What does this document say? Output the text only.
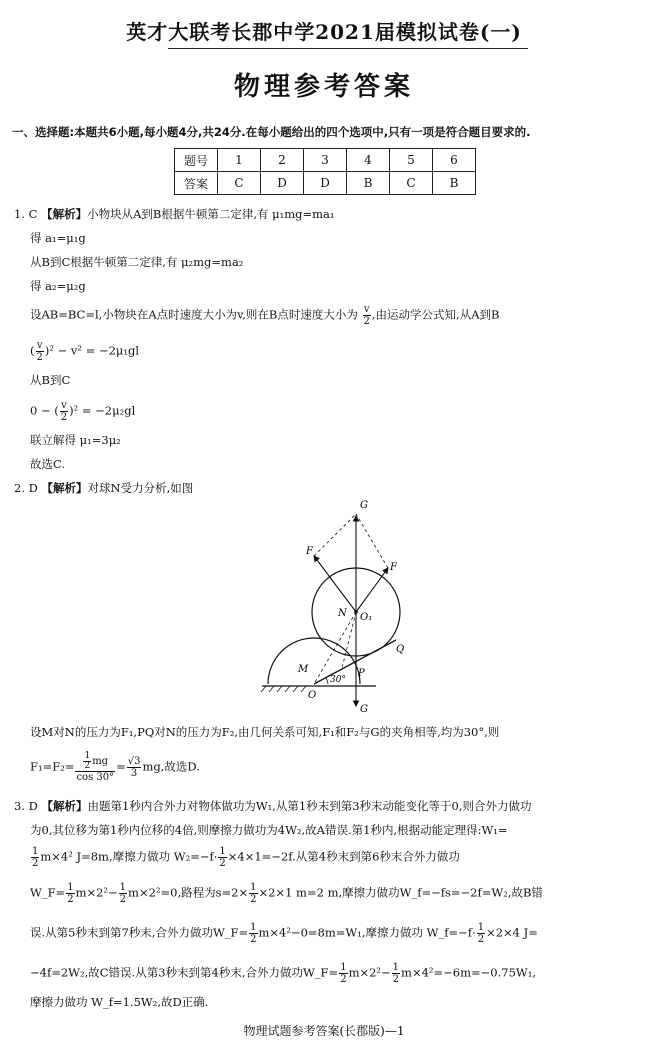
英才大联考长郡中学2021届模拟试卷(一)
物理参考答案
一、选择题:本题共6小题,每小题4分,共24分.在每小题给出的四个选项中,只有一项是符合题目要求的.
题号	1	2	3	4	5	6
答案	C	D	D	B	C	B
1. C 【解析】小物块从A到B根据牛顿第二定律,有 μ₁mg=ma₁
得 a₁=μ₁g
从B到C根据牛顿第二定律,有 μ₂mg=ma₂
得 a₂=μ₂g
设AB=BC=l,小物块在A点时速度大小为v,则在B点时速度大小为 $\frac{v}{2}$ ,由运动学公式知,从A到B
( $\frac{v}{2} )^2 - v^2 = -2\mu_1gl$
从B到C
0 − ( $\frac{v}{2} )^2 = -2\mu_2gl$
联立解得 μ₁=3μ₂
故选C.
2. D 【解析】对球N受力分析,如图
G
F
F
N O₁
Q
M
30°
P
O
G
设M对N的压力为F₁,PQ对N的压力为F₂,由几何关系可知,F₁和F₂与G的夹角相等,均为30°,则
$F_1=F_2= \frac{\frac{1}{2} mg}{\cos 30^\circ} = \frac{√3}{3}$ mg,故选D.
3. D 【解析】由题第1秒内合外力对物体做功为W₁,从第1秒末到第3秒末动能变化等于0,则合外力做功
为0,其位移为第1秒内位移的4倍,则摩擦力做功为4W₂,故A错误.第1秒内,根据动能定理得:W₁=
$\frac{1}{2} m\times 4^2$ J=8m,摩擦力做功 $W_2=-f\cdot \frac{1}{2} \times 4\times 1=-2f$.从第4秒末到第6秒末合外力做功
W_F= $\frac{1}{2} m\times 2^2- \frac{1}{2} m\times 2^2=0$,路程为$s=2\times \frac{1}{2} \times 2\times 1$ m=2 m,摩擦力做功W_f=−fs=−2f=W₂,故B错
误.从第5秒末到第7秒末,合外力做功W_F= $\frac{1}{2} m\times 4^2-0=8m=W_1$,摩擦力做功 W_f=−f· $\frac{1}{2} \times 2\times 4$ J=
−4f=2W₂,故C错误.从第3秒末到第4秒末,合外力做功W_F= $\frac{1}{2} m\times 2^2- \frac{1}{2} m\times 4^2=-6m=-0.75W_1$,
摩擦力做功 W_f=1.5W₂,故D正确.
物理试题参考答案(长郡版)—1
